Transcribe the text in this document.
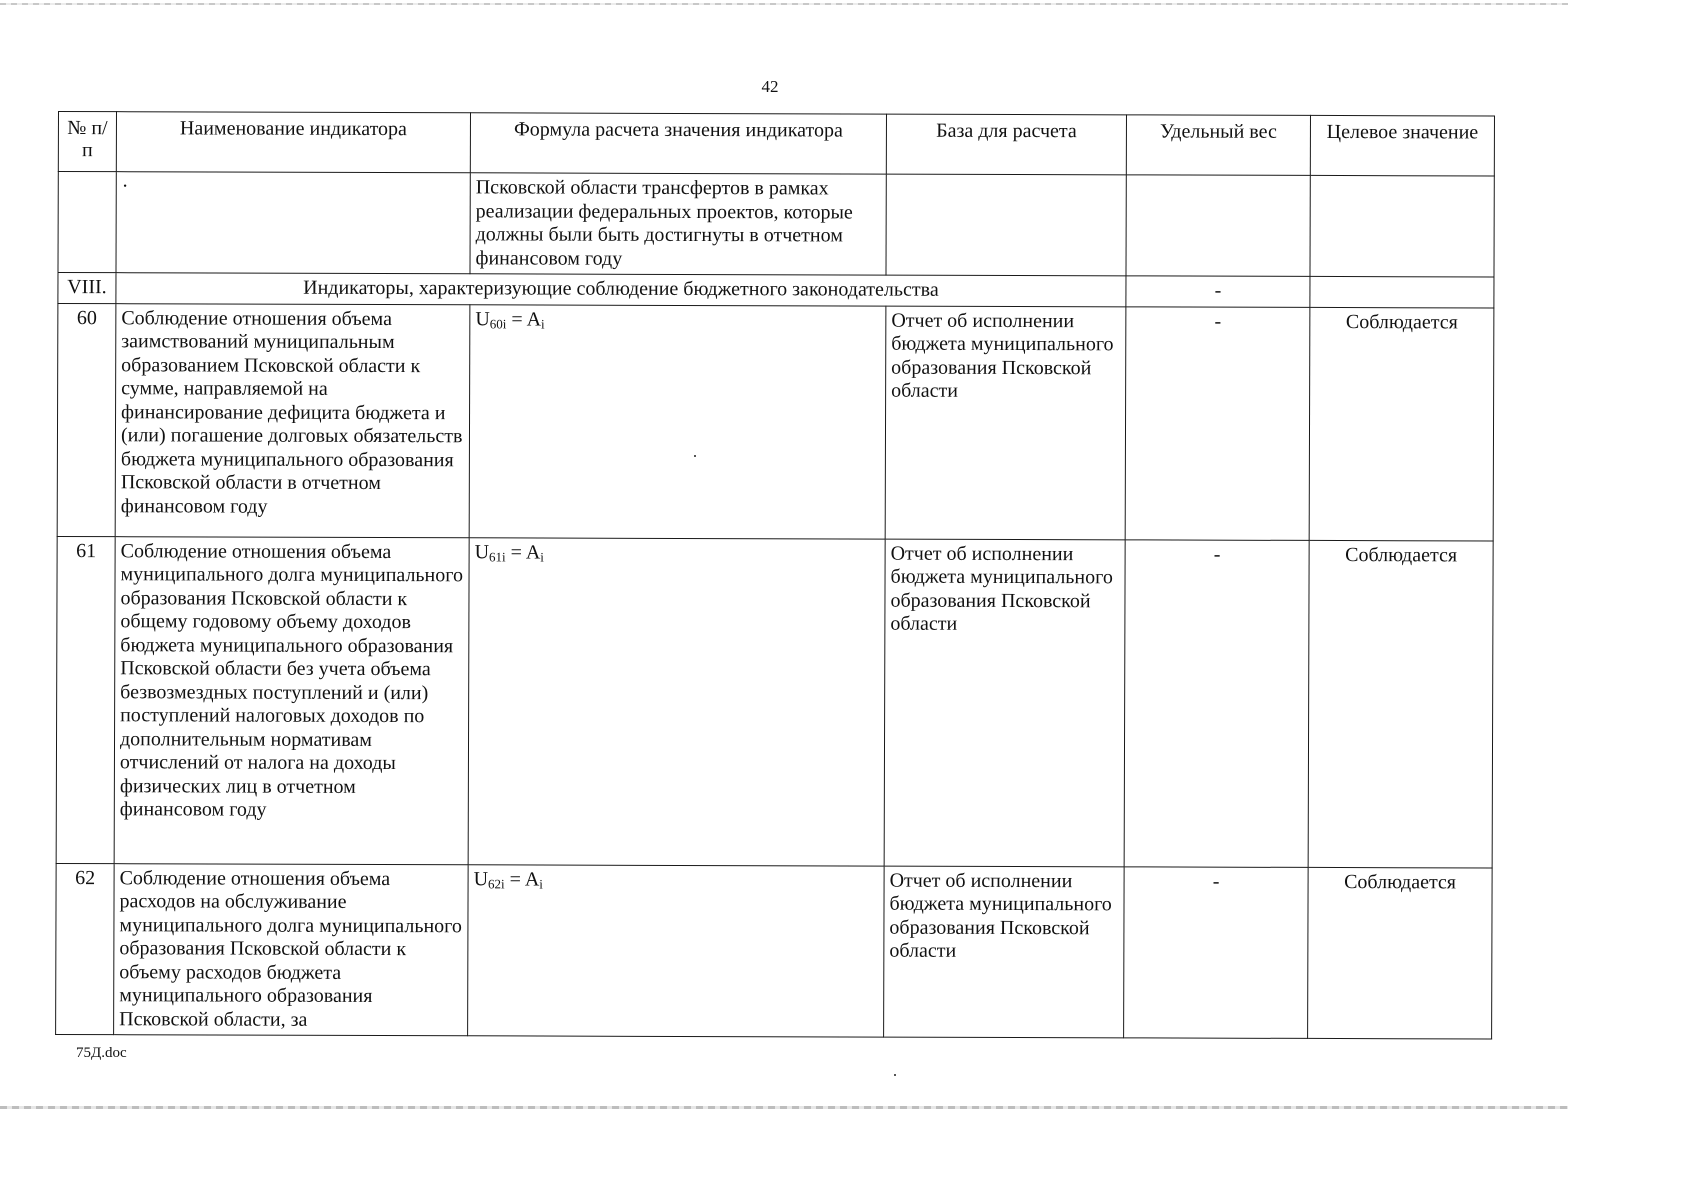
42
№ п/п	Наименование индикатора	Формула расчета значения индикатора	База для расчета	Удельный вес	Целевое значение
	·	Псковской области трансфертов в рамках реализации федеральных проектов, которые должны были быть достигнуты в отчетном финансовом году			
VIII.	Индикаторы, характеризующие соблюдение бюджетного законодательства			-	
60	Соблюдение отношения объема заимствований муниципальным образованием Псковской области к сумме, направляемой на финансирование дефицита бюджета и (или) погашение долговых обязательств бюджета муниципального образования Псковской области в отчетном финансовом году	$U_{60i} = A_i$	Отчет об исполнении бюджета муниципального образования Псковской области	-	Соблюдается
61	Соблюдение отношения объема муниципального долга муниципального образования Псковской области к общему годовому объему доходов бюджета муниципального образования Псковской области без учета объема безвозмездных поступлений и (или) поступлений налоговых доходов по дополнительным нормативам отчислений от налога на доходы физических лиц в отчетном финансовом году	$U_{61i} = A_i$	Отчет об исполнении бюджета муниципального образования Псковской области	-	Соблюдается
62	Соблюдение отношения объема расходов на обслуживание муниципального долга муниципального образования Псковской области к объему расходов бюджета муниципального образования Псковской области, за	$U_{62i} = A_i$	Отчет об исполнении бюджета муниципального образования Псковской области	-	Соблюдается
75Д.doc
